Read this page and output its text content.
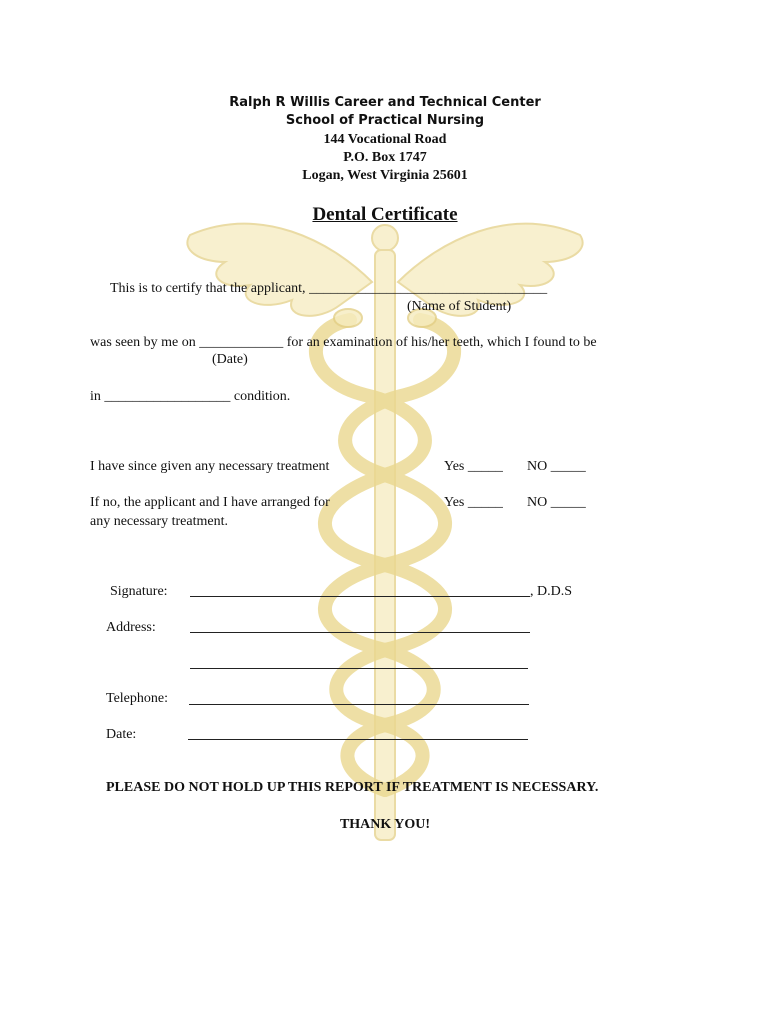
Ralph R Willis Career and Technical Center
School of Practical Nursing
144 Vocational Road
P.O. Box 1747
Logan, West Virginia 25601
Dental Certificate
This is to certify that the applicant, __________________________________
(Name of Student)
was seen by me on ____________ for an examination of his/her teeth, which I found to be
(Date)
in __________________ condition.
I have since given any necessary treatment	Yes _____ NO _____
If no, the applicant and I have arranged for
any necessary treatment.
Yes _____ NO _____
Signature:	, D.D.S
Address:
Telephone:
Date:
PLEASE DO NOT HOLD UP THIS REPORT IF TREATMENT IS NECESSARY.
THANK YOU!
